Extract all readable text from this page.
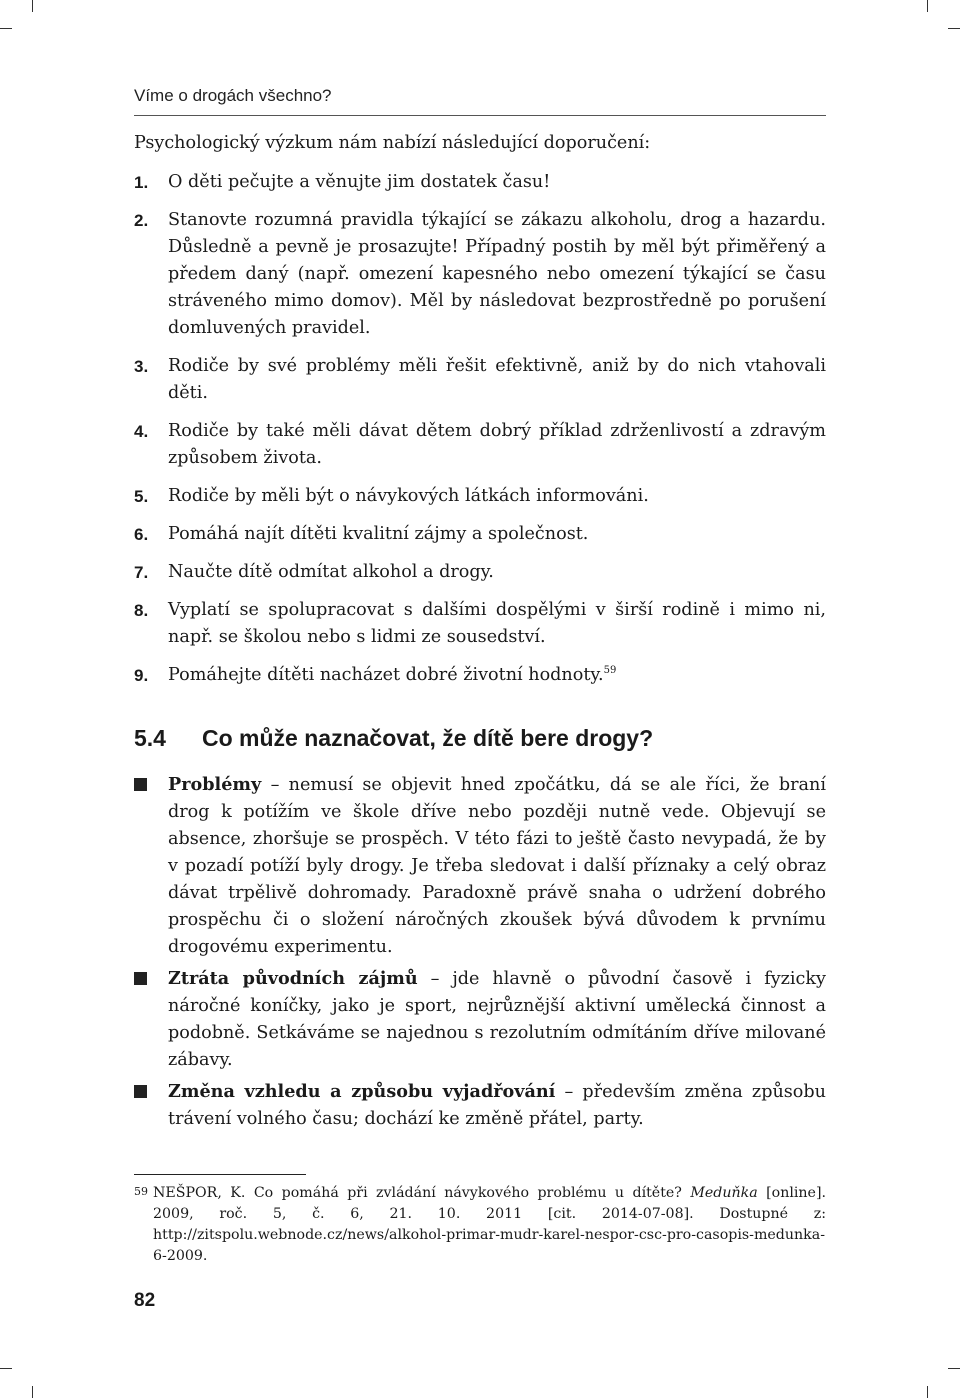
Víme o drogách všechno?

Psychologický výzkum nám nabízí následující doporučení:

1.	O děti pečujte a věnujte jim dostatek času!
2.	Stanovte rozumná pravidla týkající se zákazu alkoholu, drog a hazardu. Důsledně a pevně je prosazujte! Případný postih by měl být přiměřený a předem daný (např. omezení kapesného nebo omezení týkající se času stráveného mimo domov). Měl by následovat bezprostředně po porušení domluvených pravidel.
3.	Rodiče by své problémy měli řešit efektivně, aniž by do nich vtahovali děti.
4.	Rodiče by také měli dávat dětem dobrý příklad zdrženlivostí a zdravým způsobem života.
5.	Rodiče by měli být o návykových látkách informováni.
6.	Pomáhá najít dítěti kvalitní zájmy a společnost.
7.	Naučte dítě odmítat alkohol a drogy.
8.	Vyplatí se spolupracovat s dalšími dospělými v širší rodině i mimo ni, např. se školou nebo s lidmi ze sousedství.
9.	Pomáhejte dítěti nacházet dobré životní hodnoty.$^{59}$
5.4 Co může naznačovat, že dítě bere drogy?
Problémy – nemusí se objevit hned zpočátku, dá se ale říci, že braní drog k potížím ve škole dříve nebo později nutně vede. Objevují se absence, zhoršuje se prospěch. V této fázi to ještě často nevypadá, že by v pozadí potíží byly drogy. Je třeba sledovat i další příznaky a celý obraz dávat trpělivě dohromady. Paradoxně právě snaha o udržení dobrého prospěchu či o složení náročných zkoušek bývá důvodem k prvnímu drogovému experimentu.
Ztráta původních zájmů – jde hlavně o původní časově i fyzicky náročné koníčky, jako je sport, nejrůznější aktivní umělecká činnost a podobně. Setkáváme se najednou s rezolutním odmítáním dříve milované zábavy.
Změna vzhledu a způsobu vyjadřování – především změna způsobu trávení volného času; dochází ke změně přátel, party.
59 NEŠPOR, K. Co pomáhá při zvládání návykového problému u dítěte? Meduňka [online]. 2009, roč. 5, č. 6, 21. 10. 2011 [cit. 2014-07-08]. Dostupné z: http://zitspolu.webnode.cz/news/alkohol-primar-mudr-karel-nespor-csc-pro-casopis-medunka-6-2009.
82
